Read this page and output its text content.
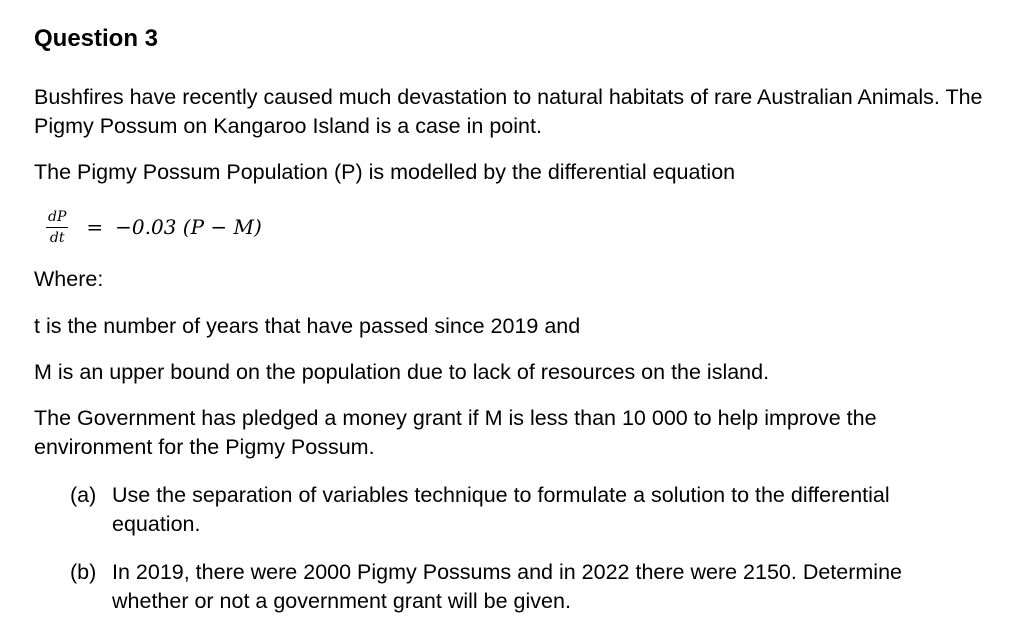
Question 3
Bushfires have recently caused much devastation to natural habitats of rare Australian Animals. The Pigmy Possum on Kangaroo Island is a case in point.
The Pigmy Possum Population (P) is modelled by the differential equation
$\frac{dP}{dt} = -0.03$ (P − M)
Where:
t is the number of years that have passed since 2019 and
M is an upper bound on the population due to lack of resources on the island.
The Government has pledged a money grant if M is less than 10 000 to help improve the environment for the Pigmy Possum.
(a) Use the separation of variables technique to formulate a solution to the differential equation.
(b) In 2019, there were 2000 Pigmy Possums and in 2022 there were 2150. Determine whether or not a government grant will be given.
